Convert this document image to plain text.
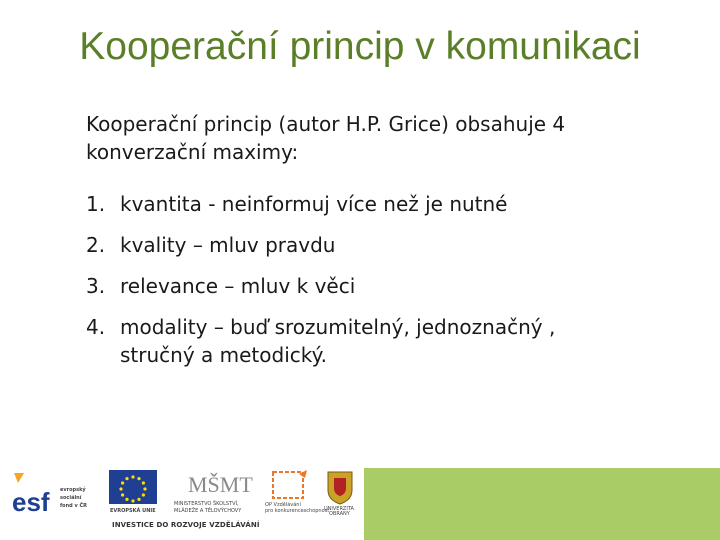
Kooperační princip v komunikaci

Kooperační princip (autor H.P. Grice) obsahuje 4
konverzační maximy:

1. kvantita - neinformuj více než je nutné
2. kvality – mluv pravdu
3. relevance – mluv k věci
4. modality – buď srozumitelný, jednoznačný ,
stručný a metodický.
esf evropský
sociální
fond v ČR
EVROPSKÁ UNIE
MŠMT
MINISTERSTVO ŠKOLSTVÍ,
MLÁDEŽE A TĚLOVÝCHOVY
OP Vzdělávání
pro konkurenceschopnost
UNIVERZITA
OBRANY
INVESTICE DO ROZVOJE VZDĚLÁVÁNÍ
